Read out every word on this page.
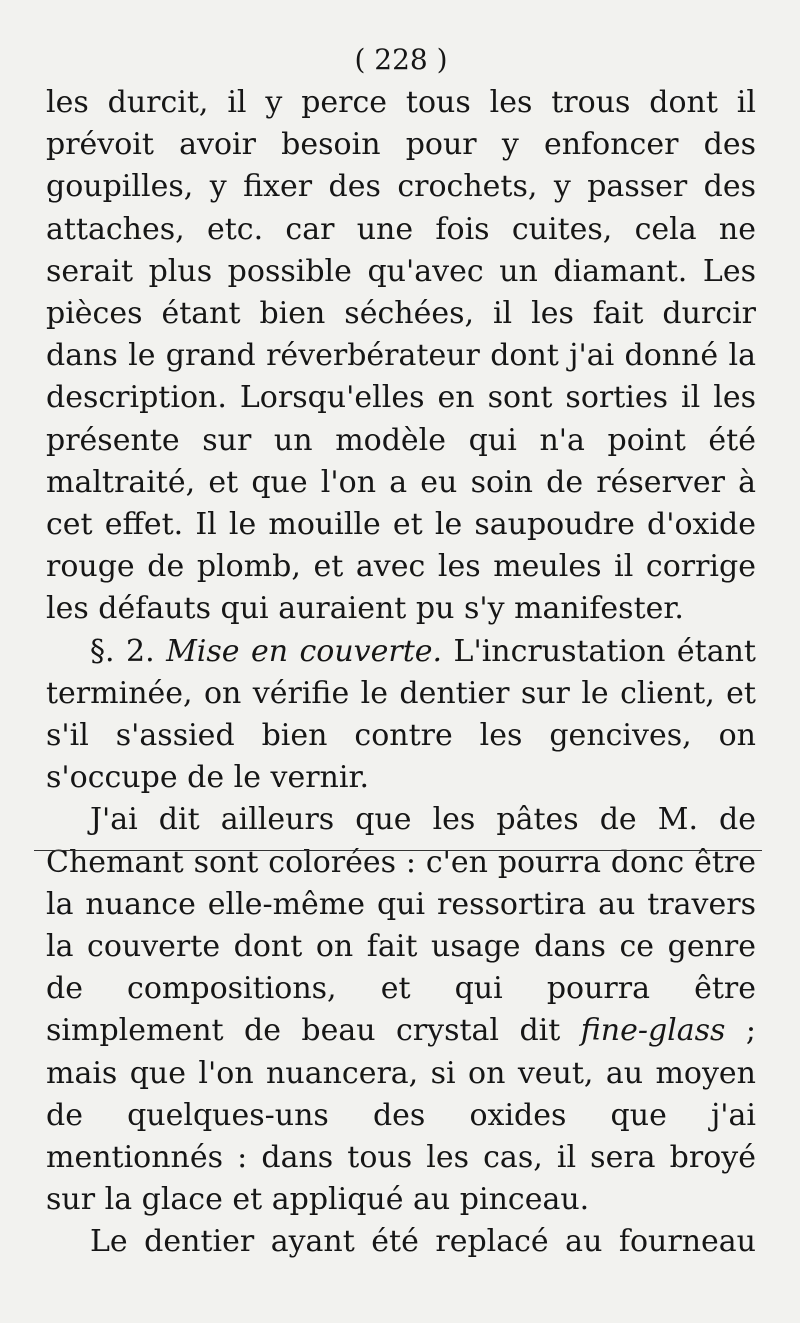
( 228 )

les durcit, il y perce tous les trous dont il prévoit avoir besoin pour y enfoncer des goupilles, y fixer des crochets, y passer des attaches, etc. car une fois cuites, cela ne serait plus possible qu'avec un diamant. Les pièces étant bien séchées, il les fait durcir dans le grand réverbérateur dont j'ai donné la description. Lorsqu'elles en sont sorties il les présente sur un modèle qui n'a point été maltraité, et que l'on a eu soin de réserver à cet effet. Il le mouille et le saupoudre d'oxide rouge de plomb, et avec les meules il corrige les défauts qui auraient pu s'y manifester.

§. 2. Mise en couverte. L'incrustation étant terminée, on vérifie le dentier sur le client, et s'il s'assied bien contre les gencives, on s'occupe de le vernir.

J'ai dit ailleurs que les pâtes de M. de Chemant sont colorées : c'en pourra donc être la nuance elle-même qui ressortira au travers la couverte dont on fait usage dans ce genre de compositions, et qui pourra être simplement de beau crystal dit fine-glass ; mais que l'on nuancera, si on veut, au moyen de quelques-uns des oxides que j'ai mentionnés : dans tous les cas, il sera broyé sur la glace et appliqué au pinceau.

Le dentier ayant été replacé au fourneau
